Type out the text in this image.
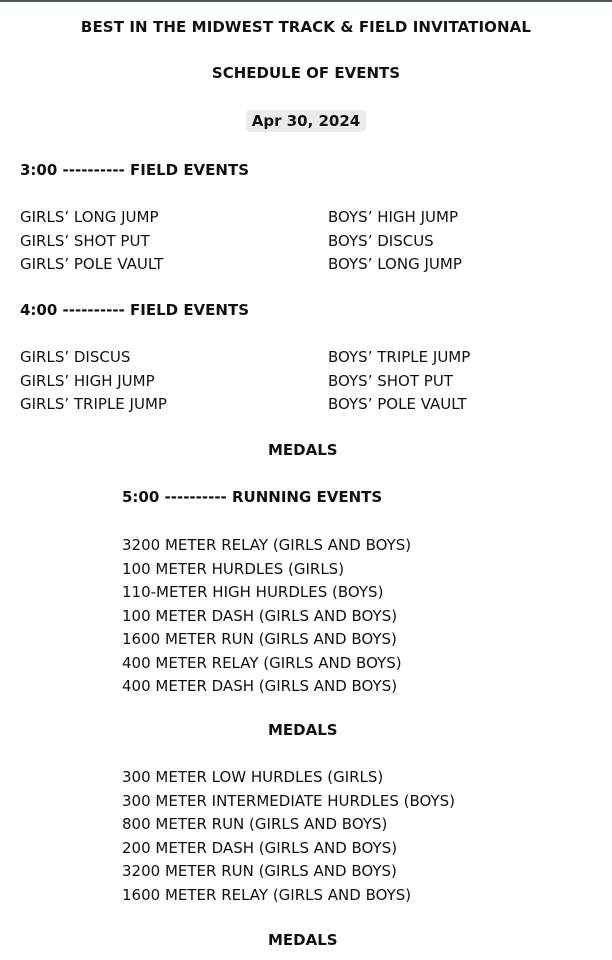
BEST IN THE MIDWEST TRACK & FIELD INVITATIONAL
SCHEDULE OF EVENTS
Apr 30, 2024
3:00 ---------- FIELD EVENTS
GIRLS’ LONG JUMP
GIRLS’ SHOT PUT
GIRLS’ POLE VAULT
BOYS’ HIGH JUMP
BOYS’ DISCUS
BOYS’ LONG JUMP
4:00 ---------- FIELD EVENTS
GIRLS’ DISCUS
GIRLS’ HIGH JUMP
GIRLS’ TRIPLE JUMP
BOYS’ TRIPLE JUMP
BOYS’ SHOT PUT
BOYS’ POLE VAULT
MEDALS
5:00 ---------- RUNNING EVENTS
3200 METER RELAY (GIRLS AND BOYS)
100 METER HURDLES (GIRLS)
110-METER HIGH HURDLES (BOYS)
100 METER DASH (GIRLS AND BOYS)
1600 METER RUN (GIRLS AND BOYS)
400 METER RELAY (GIRLS AND BOYS)
400 METER DASH (GIRLS AND BOYS)
MEDALS
300 METER LOW HURDLES (GIRLS)
300 METER INTERMEDIATE HURDLES (BOYS)
800 METER RUN (GIRLS AND BOYS)
200 METER DASH (GIRLS AND BOYS)
3200 METER RUN (GIRLS AND BOYS)
1600 METER RELAY (GIRLS AND BOYS)
MEDALS
